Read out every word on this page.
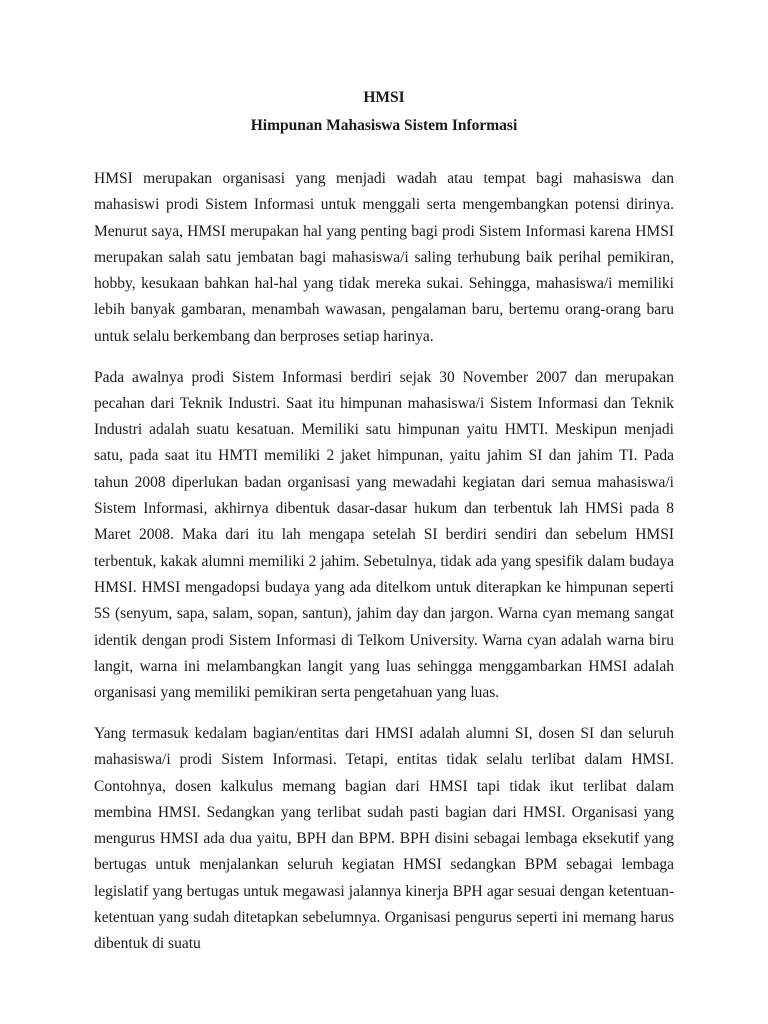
HMSI
Himpunan Mahasiswa Sistem Informasi

HMSI merupakan organisasi yang menjadi wadah atau tempat bagi mahasiswa dan mahasiswi prodi Sistem Informasi untuk menggali serta mengembangkan potensi dirinya. Menurut saya, HMSI merupakan hal yang penting bagi prodi Sistem Informasi karena HMSI merupakan salah satu jembatan bagi mahasiswa/i saling terhubung baik perihal pemikiran, hobby, kesukaan bahkan hal-hal yang tidak mereka sukai. Sehingga, mahasiswa/i memiliki lebih banyak gambaran, menambah wawasan, pengalaman baru, bertemu orang-orang baru untuk selalu berkembang dan berproses setiap harinya.

Pada awalnya prodi Sistem Informasi berdiri sejak 30 November 2007 dan merupakan pecahan dari Teknik Industri. Saat itu himpunan mahasiswa/i Sistem Informasi dan Teknik Industri adalah suatu kesatuan. Memiliki satu himpunan yaitu HMTI. Meskipun menjadi satu, pada saat itu HMTI memiliki 2 jaket himpunan, yaitu jahim SI dan jahim TI. Pada tahun 2008 diperlukan badan organisasi yang mewadahi kegiatan dari semua mahasiswa/i Sistem Informasi, akhirnya dibentuk dasar-dasar hukum dan terbentuk lah HMSi pada 8 Maret 2008. Maka dari itu lah mengapa setelah SI berdiri sendiri dan sebelum HMSI terbentuk, kakak alumni memiliki 2 jahim. Sebetulnya, tidak ada yang spesifik dalam budaya HMSI. HMSI mengadopsi budaya yang ada ditelkom untuk diterapkan ke himpunan seperti 5S (senyum, sapa, salam, sopan, santun), jahim day dan jargon. Warna cyan memang sangat identik dengan prodi Sistem Informasi di Telkom University. Warna cyan adalah warna biru langit, warna ini melambangkan langit yang luas sehingga menggambarkan HMSI adalah organisasi yang memiliki pemikiran serta pengetahuan yang luas.

Yang termasuk kedalam bagian/entitas dari HMSI adalah alumni SI, dosen SI dan seluruh mahasiswa/i prodi Sistem Informasi. Tetapi, entitas tidak selalu terlibat dalam HMSI. Contohnya, dosen kalkulus memang bagian dari HMSI tapi tidak ikut terlibat dalam membina HMSI. Sedangkan yang terlibat sudah pasti bagian dari HMSI. Organisasi yang mengurus HMSI ada dua yaitu, BPH dan BPM. BPH disini sebagai lembaga eksekutif yang bertugas untuk menjalankan seluruh kegiatan HMSI sedangkan BPM sebagai lembaga legislatif yang bertugas untuk megawasi jalannya kinerja BPH agar sesuai dengan ketentuan-ketentuan yang sudah ditetapkan sebelumnya. Organisasi pengurus seperti ini memang harus dibentuk di suatu
